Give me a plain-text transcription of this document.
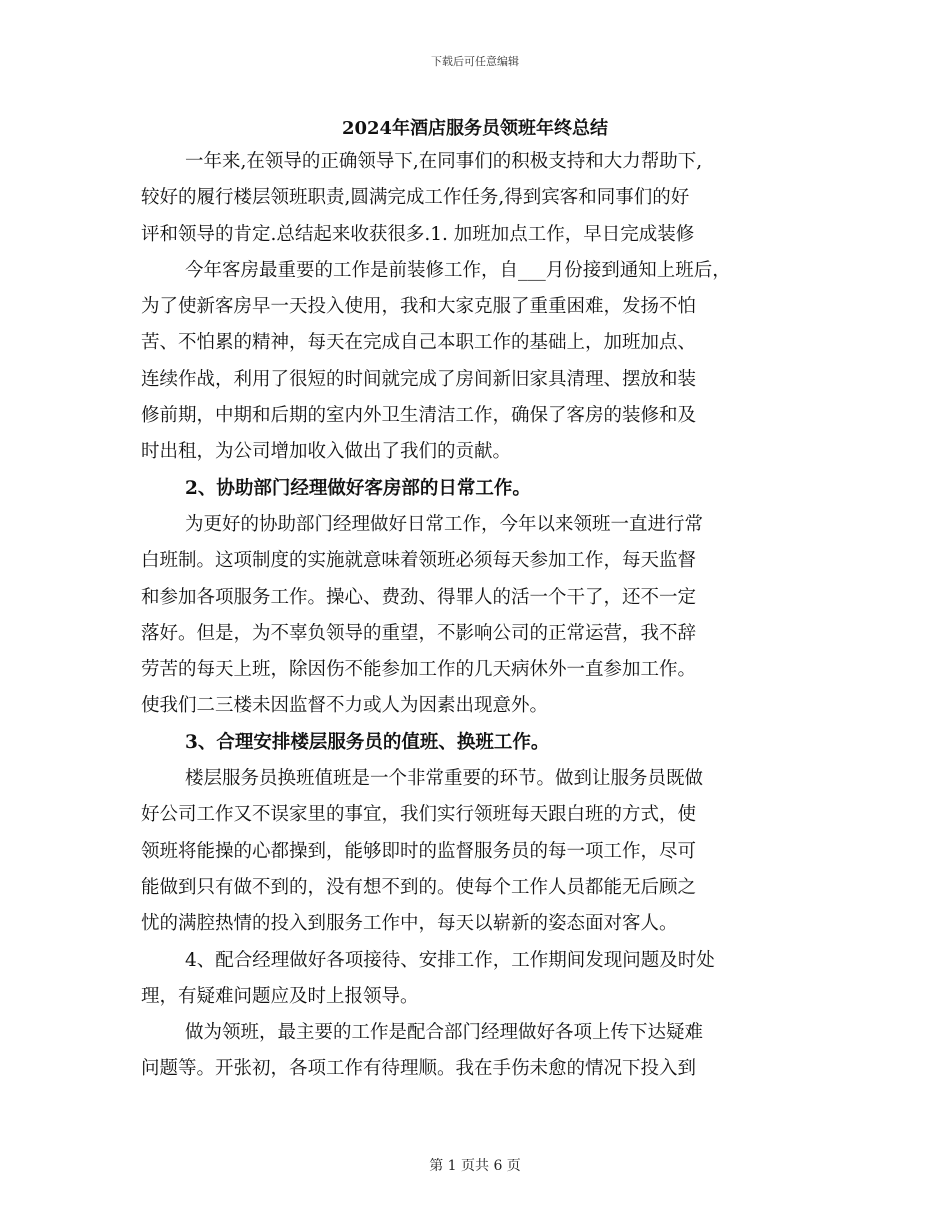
下载后可任意编辑
2024年酒店服务员领班年终总结
一年来,在领导的正确领导下,在同事们的积极支持和大力帮助下,
较好的履行楼层领班职责,圆满完成工作任务,得到宾客和同事们的好
评和领导的肯定.总结起来收获很多.1. 加班加点工作，早日完成装修
今年客房最重要的工作是前装修工作，自___月份接到通知上班后，
为了使新客房早一天投入使用，我和大家克服了重重困难，发扬不怕
苦、不怕累的精神，每天在完成自己本职工作的基础上，加班加点、
连续作战，利用了很短的时间就完成了房间新旧家具清理、摆放和装
修前期，中期和后期的室内外卫生清洁工作，确保了客房的装修和及
时出租，为公司增加收入做出了我们的贡献。
2、协助部门经理做好客房部的日常工作。
为更好的协助部门经理做好日常工作，今年以来领班一直进行常
白班制。这项制度的实施就意味着领班必须每天参加工作，每天监督
和参加各项服务工作。操心、费劲、得罪人的活一个干了，还不一定
落好。但是，为不辜负领导的重望，不影响公司的正常运营，我不辞
劳苦的每天上班，除因伤不能参加工作的几天病休外一直参加工作。
使我们二三楼未因监督不力或人为因素出现意外。
3、合理安排楼层服务员的值班、换班工作。
楼层服务员换班值班是一个非常重要的环节。做到让服务员既做
好公司工作又不误家里的事宜，我们实行领班每天跟白班的方式，使
领班将能操的心都操到，能够即时的监督服务员的每一项工作，尽可
能做到只有做不到的，没有想不到的。使每个工作人员都能无后顾之
忧的满腔热情的投入到服务工作中，每天以崭新的姿态面对客人。
4、配合经理做好各项接待、安排工作，工作期间发现问题及时处
理，有疑难问题应及时上报领导。
做为领班，最主要的工作是配合部门经理做好各项上传下达疑难
问题等。开张初，各项工作有待理顺。我在手伤未愈的情况下投入到
第 1 页共 6 页
